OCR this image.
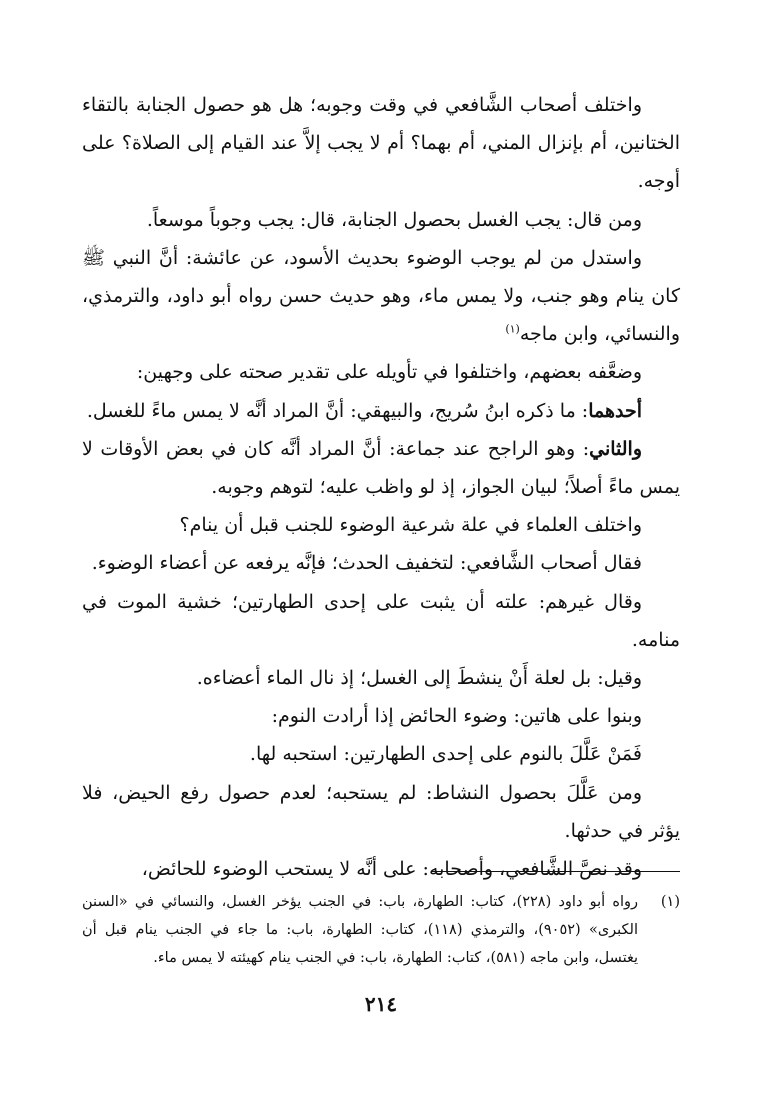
واختلف أصحاب الشَّافعي في وقت وجوبه؛ هل هو حصول الجنابة بالتقاء الختانين، أم بإنزال المني، أم بهما؟ أم لا يجب إلاَّ عند القيام إلى الصلاة؟ على أوجه.

ومن قال: يجب الغسل بحصول الجنابة، قال: يجب وجوباً موسعاً.

واستدل من لم يوجب الوضوء بحديث الأسود، عن عائشة: أنَّ النبي ﷺ كان ينام وهو جنب، ولا يمس ماء، وهو حديث حسن رواه أبو داود، والترمذي، والنسائي، وابن ماجه$^{(١)}$

وضعَّفه بعضهم، واختلفوا في تأويله على تقدير صحته على وجهين:

أحدهما: ما ذكره ابنُ سُريج، والبيهقي: أنَّ المراد أنَّه لا يمس ماءً للغسل.

والثاني: وهو الراجح عند جماعة: أنَّ المراد أنَّه كان في بعض الأوقات لا يمس ماءً أصلاً؛ لبيان الجواز، إذ لو واظب عليه؛ لتوهم وجوبه.

واختلف العلماء في علة شرعية الوضوء للجنب قبل أن ينام؟

فقال أصحاب الشَّافعي: لتخفيف الحدث؛ فإنَّه يرفعه عن أعضاء الوضوء.

وقال غيرهم: علته أن يثبت على إحدى الطهارتين؛ خشية الموت في منامه.

وقيل: بل لعلة أَنْ ينشطَ إلى الغسل؛ إذ نال الماء أعضاءه.

وبنوا على هاتين: وضوء الحائض إذا أرادت النوم:

فَمَنْ عَلَّلَ بالنوم على إحدى الطهارتين: استحبه لها.

ومن عَلَّلَ بحصول النشاط: لم يستحبه؛ لعدم حصول رفع الحيض، فلا يؤثر في حدثها.

وقد نصَّ الشَّافعي، وأصحابه: على أنَّه لا يستحب الوضوء للحائض،

(١)
رواه أبو داود (٢٢٨)، كتاب: الطهارة، باب: في الجنب يؤخر الغسل، والنسائي في «السنن الكبرى» (٩٠٥٢)، والترمذي (١١٨)، كتاب: الطهارة، باب: ما جاء في الجنب ينام قبل أن يغتسل، وابن ماجه (٥٨١)، كتاب: الطهارة، باب: في الجنب ينام كهيئته لا يمس ماء.
٢١٤
